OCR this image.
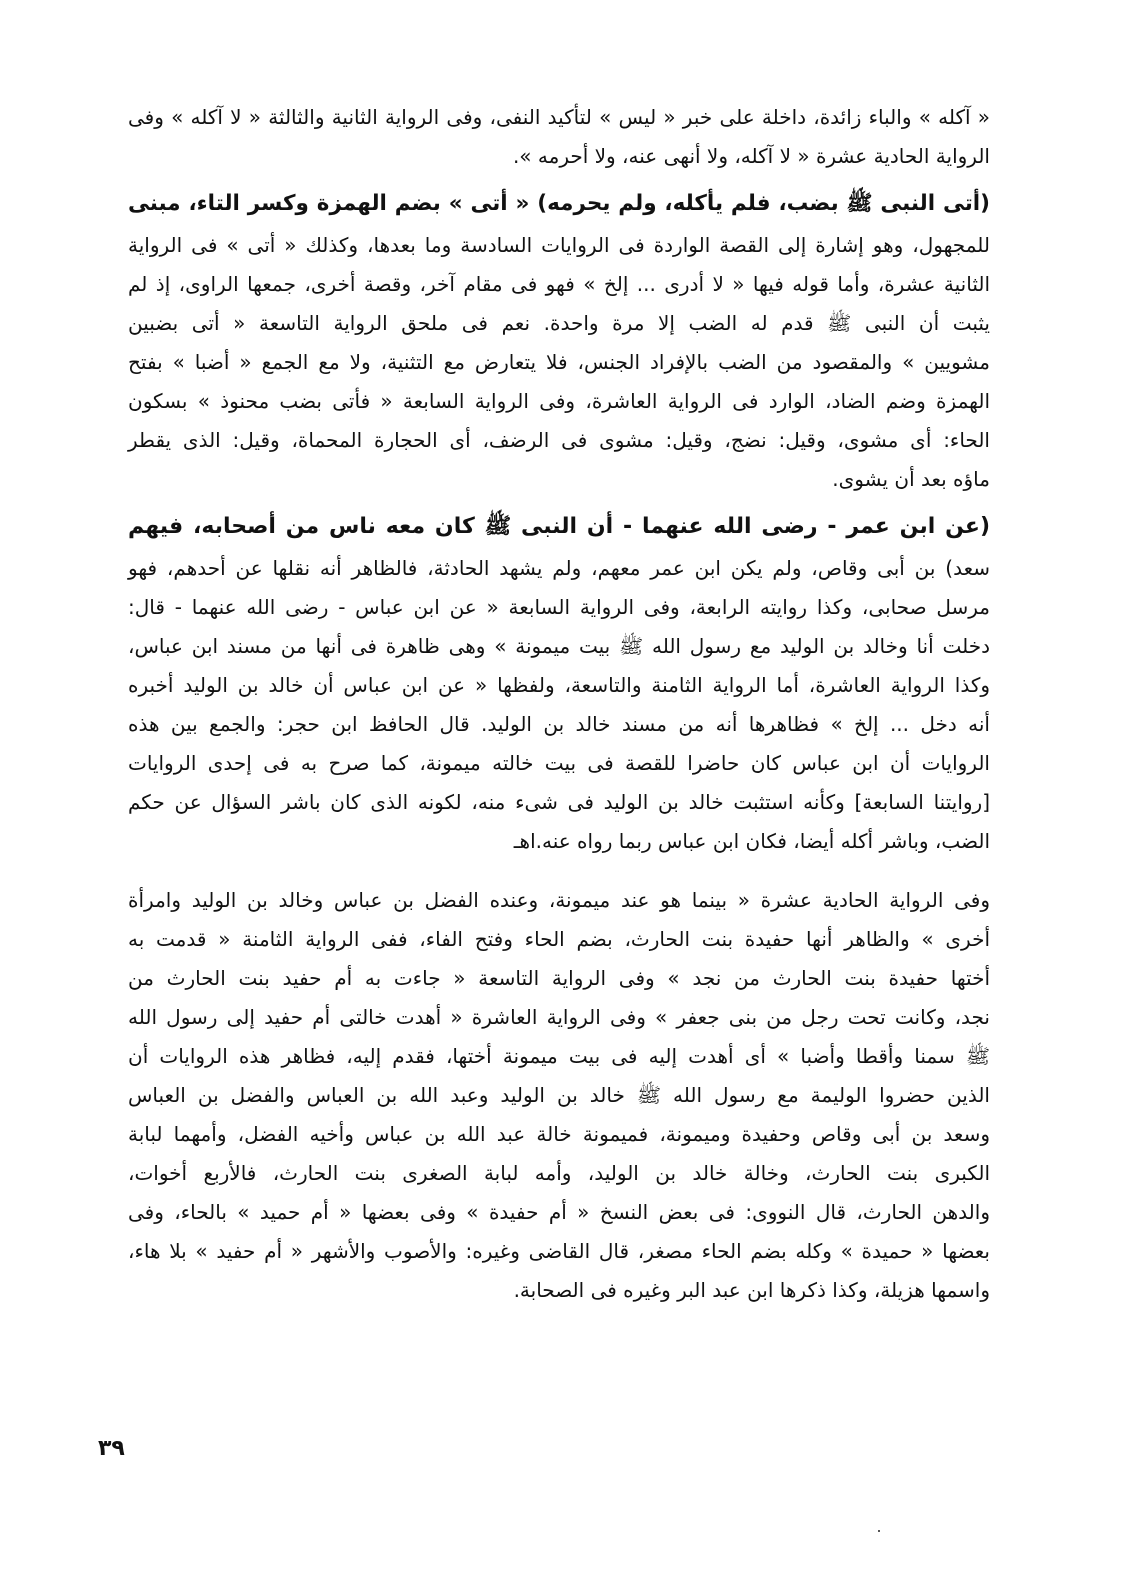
« آكله » والباء زائدة، داخلة على خبر « ليس » لتأكيد النفى، وفى الرواية الثانية والثالثة « لا آكله » وفى
الرواية الحادية عشرة « لا آكله، ولا أنهى عنه، ولا أحرمه ».
(أتى النبى ﷺ بضب، فلم يأكله، ولم يحرمه) « أتى » بضم الهمزة وكسر التاء، مبنى
للمجهول، وهو إشارة إلى القصة الواردة فى الروايات السادسة وما بعدها، وكذلك « أتى » فى الرواية
الثانية عشرة، وأما قوله فيها « لا أدرى ... إلخ » فهو فى مقام آخر، وقصة أخرى، جمعها الراوى، إذ لم
يثبت أن النبى ﷺ قدم له الضب إلا مرة واحدة. نعم فى ملحق الرواية التاسعة « أتى بضبين
مشويين » والمقصود من الضب بالإفراد الجنس، فلا يتعارض مع التثنية، ولا مع الجمع « أضبا » بفتح
الهمزة وضم الضاد، الوارد فى الرواية العاشرة، وفى الرواية السابعة « فأتى بضب محنوذ » بسكون
الحاء: أى مشوى، وقيل: نضج، وقيل: مشوى فى الرضف، أى الحجارة المحماة، وقيل: الذى يقطر
ماؤه بعد أن يشوى.
(عن ابن عمر - رضى الله عنهما - أن النبى ﷺ كان معه ناس من أصحابه، فيهم
سعد) بن أبى وقاص، ولم يكن ابن عمر معهم، ولم يشهد الحادثة، فالظاهر أنه نقلها عن أحدهم، فهو
مرسل صحابى، وكذا روايته الرابعة، وفى الرواية السابعة « عن ابن عباس - رضى الله عنهما - قال:
دخلت أنا وخالد بن الوليد مع رسول الله ﷺ بيت ميمونة » وهى ظاهرة فى أنها من مسند ابن عباس،
وكذا الرواية العاشرة، أما الرواية الثامنة والتاسعة، ولفظها « عن ابن عباس أن خالد بن الوليد أخبره
أنه دخل ... إلخ » فظاهرها أنه من مسند خالد بن الوليد. قال الحافظ ابن حجر: والجمع بين هذه
الروايات أن ابن عباس كان حاضرا للقصة فى بيت خالته ميمونة، كما صرح به فى إحدى الروايات
[روايتنا السابعة] وكأنه استثبت خالد بن الوليد فى شىء منه، لكونه الذى كان باشر السؤال عن حكم
الضب، وباشر أكله أيضا، فكان ابن عباس ربما رواه عنه.اهـ
وفى الرواية الحادية عشرة « بينما هو عند ميمونة، وعنده الفضل بن عباس وخالد بن الوليد وامرأة
أخرى » والظاهر أنها حفيدة بنت الحارث، بضم الحاء وفتح الفاء، ففى الرواية الثامنة « قدمت به
أختها حفيدة بنت الحارث من نجد » وفى الرواية التاسعة « جاءت به أم حفيد بنت الحارث من
نجد، وكانت تحت رجل من بنى جعفر » وفى الرواية العاشرة « أهدت خالتى أم حفيد إلى رسول الله
ﷺ سمنا وأقطا وأضبا » أى أهدت إليه فى بيت ميمونة أختها، فقدم إليه، فظاهر هذه الروايات أن
الذين حضروا الوليمة مع رسول الله ﷺ خالد بن الوليد وعبد الله بن العباس والفضل بن العباس
وسعد بن أبى وقاص وحفيدة وميمونة، فميمونة خالة عبد الله بن عباس وأخيه الفضل، وأمهما لبابة
الكبرى بنت الحارث، وخالة خالد بن الوليد، وأمه لبابة الصغرى بنت الحارث، فالأربع أخوات،
والدهن الحارث، قال النووى: فى بعض النسخ « أم حفيدة » وفى بعضها « أم حميد » بالحاء، وفى
بعضها « حميدة » وكله بضم الحاء مصغر، قال القاضى وغيره: والأصوب والأشهر « أم حفيد » بلا هاء،
واسمها هزيلة، وكذا ذكرها ابن عبد البر وغيره فى الصحابة.
٣٩
